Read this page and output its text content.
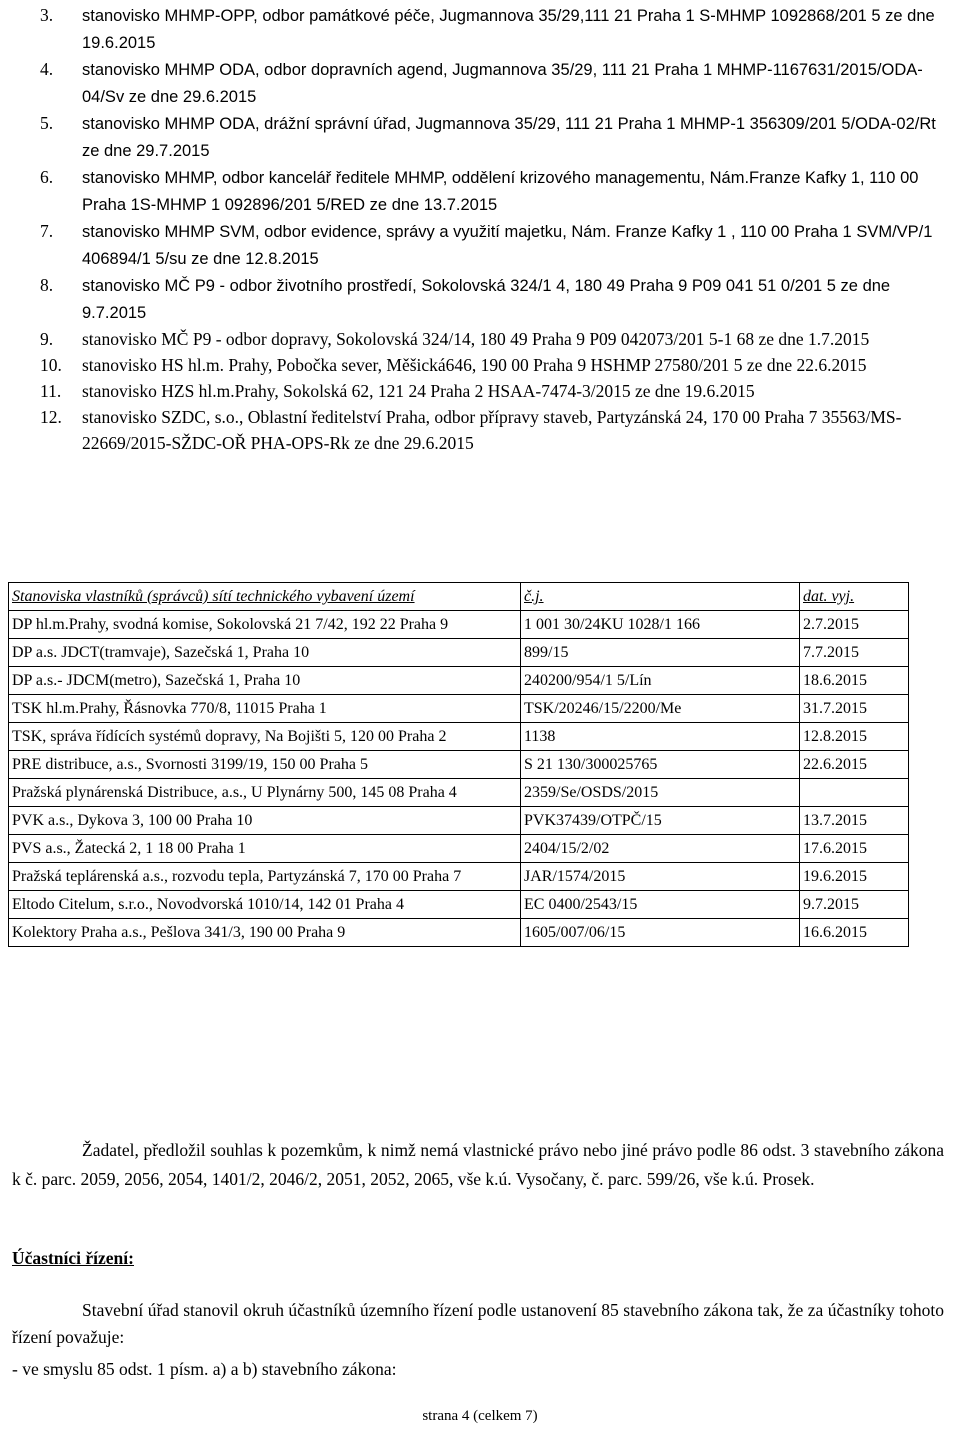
3.	stanovisko MHMP-OPP, odbor památkové péče, Jugmannova 35/29,111 21 Praha 1 S-MHMP 1092868/201 5 ze dne 19.6.2015
4.	stanovisko MHMP ODA, odbor dopravních agend, Jugmannova 35/29, 111 21 Praha 1 MHMP-1167631/2015/ODA-04/Sv ze dne 29.6.2015
5.	stanovisko MHMP ODA, drážní správní úřad, Jugmannova 35/29, 111 21 Praha 1 MHMP-1 356309/201 5/ODA-02/Rt ze dne 29.7.2015
6.	stanovisko MHMP, odbor kancelář ředitele MHMP, oddělení krizového managementu, Nám.Franze Kafky 1, 110 00 Praha 1S-MHMP 1 092896/201 5/RED ze dne 13.7.2015
7.	stanovisko MHMP SVM, odbor evidence, správy a využití majetku, Nám. Franze Kafky 1 , 110 00 Praha 1 SVM/VP/1 406894/1 5/su ze dne 12.8.2015
8.	stanovisko MČ P9 - odbor životního prostředí, Sokolovská 324/1 4, 180 49 Praha 9 P09 041 51 0/201 5 ze dne 9.7.2015
9.	stanovisko MČ P9 - odbor dopravy, Sokolovská 324/14, 180 49 Praha 9 P09 042073/201 5-1 68 ze dne 1.7.2015
10.	stanovisko HS hl.m. Prahy, Pobočka sever, Měšická646, 190 00 Praha 9 HSHMP 27580/201 5 ze dne 22.6.2015
11.	stanovisko HZS hl.m.Prahy, Sokolská 62, 121 24 Praha 2 HSAA-7474-3/2015 ze dne 19.6.2015
12.	stanovisko SZDC, s.o., Oblastní ředitelství Praha, odbor přípravy staveb, Partyzánská 24, 170 00 Praha 7 35563/MS-22669/2015-SŽDC-OŘ PHA-OPS-Rk ze dne 29.6.2015
Stanoviska vlastníků (správců) sítí technického vybavení území	č.j.	dat. vyj.
DP hl.m.Prahy, svodná komise, Sokolovská 21 7/42, 192 22 Praha 9	1 001 30/24KU 1028/1 166	2.7.2015
DP a.s. JDCT(tramvaje), Sazečská 1, Praha 10	899/15	7.7.2015
DP a.s.- JDCM(metro), Sazečská 1, Praha 10	240200/954/1 5/Lín	18.6.2015
TSK hl.m.Prahy, Řásnovka 770/8, 11015 Praha 1	TSK/20246/15/2200/Me	31.7.2015
TSK, správa řídících systémů dopravy, Na Bojišti 5, 120 00 Praha 2	1138	12.8.2015
PRE distribuce, a.s., Svornosti 3199/19, 150 00 Praha 5	S 21 130/300025765	22.6.2015
Pražská plynárenská Distribuce, a.s., U Plynárny 500, 145 08 Praha 4	2359/Se/OSDS/2015	
PVK a.s., Dykova 3, 100 00 Praha 10	PVK37439/OTPČ/15	13.7.2015
PVS a.s., Žatecká 2, 1 18 00 Praha 1	2404/15/2/02	17.6.2015
Pražská teplárenská a.s., rozvodu tepla, Partyzánská 7, 170 00 Praha 7	JAR/1574/2015	19.6.2015
Eltodo Citelum, s.r.o., Novodvorská 1010/14, 142 01 Praha 4	EC 0400/2543/15	9.7.2015
Kolektory Praha a.s., Pešlova 341/3, 190 00 Praha 9	1605/007/06/15	16.6.2015

Žadatel, předložil souhlas k pozemkům, k nimž nemá vlastnické právo nebo jiné právo podle 86 odst. 3 stavebního zákona k č. parc. 2059, 2056, 2054, 1401/2, 2046/2, 2051, 2052, 2065, vše k.ú. Vysočany, č. parc. 599/26, vše k.ú. Prosek.

Účastníci řízení:

Stavební úřad stanovil okruh účastníků územního řízení podle ustanovení 85 stavebního zákona tak, že za účastníky tohoto řízení považuje:

- ve smyslu 85 odst. 1 písm. a) a b) stavebního zákona:

strana 4 (celkem 7)
